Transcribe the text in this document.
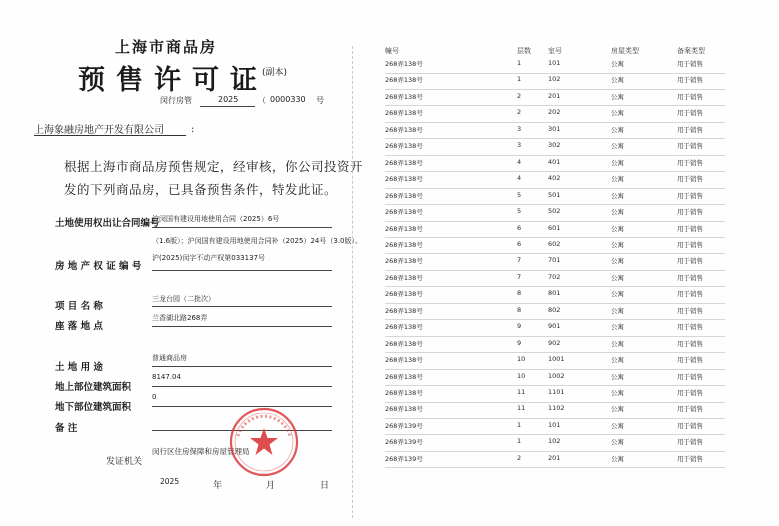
上海市商品房
预售许可证
(副本)
闵行房管	2025 （ 0000330 号
上海象融房地产开发有限公司	:
根据上海市商品房预售规定，经审核，你公司投资开发的下列商品房，已具备预售条件，特发此证。
土地使用权出让合同编号
沪闵国有建设用地使用合同（2025）6号
（1.6版）；沪闵国有建设用地使用合同补（2025）24号（3.0版）。
房 地 产 权 证 编 号
沪(2025)闵字不动产权第033137号
项 目 名 称
三龙台园（二批次）
座 落 地 点
兰香湖北路268弄
土 地 用 途
普通商品房
地上部位建筑面积
8147.04
地下部位建筑面积
0
备 注
发证机关
闵行区住房保障和房屋管理局
2025	年	月	日
幢号	层数 室号	房屋类型	备案类型
268弄138号	1	101	公寓	用于销售
268弄138号	1	102	公寓	用于销售
268弄138号	2	201	公寓	用于销售
268弄138号	2	202	公寓	用于销售
268弄138号	3	301	公寓	用于销售
268弄138号	3	302	公寓	用于销售
268弄138号	4	401	公寓	用于销售
268弄138号	4	402	公寓	用于销售
268弄138号	5	501	公寓	用于销售
268弄138号	5	502	公寓	用于销售
268弄138号	6	601	公寓	用于销售
268弄138号	6	602	公寓	用于销售
268弄138号	7	701	公寓	用于销售
268弄138号	7	702	公寓	用于销售
268弄138号	8	801	公寓	用于销售
268弄138号	8	802	公寓	用于销售
268弄138号	9	901	公寓	用于销售
268弄138号	9	902	公寓	用于销售
268弄138号	10	1001	公寓	用于销售
268弄138号	10	1002	公寓	用于销售
268弄138号	11	1101	公寓	用于销售
268弄138号	11	1102	公寓	用于销售
268弄139号	1	101	公寓	用于销售
268弄139号	1	102	公寓	用于销售
268弄139号	2	201	公寓	用于销售
